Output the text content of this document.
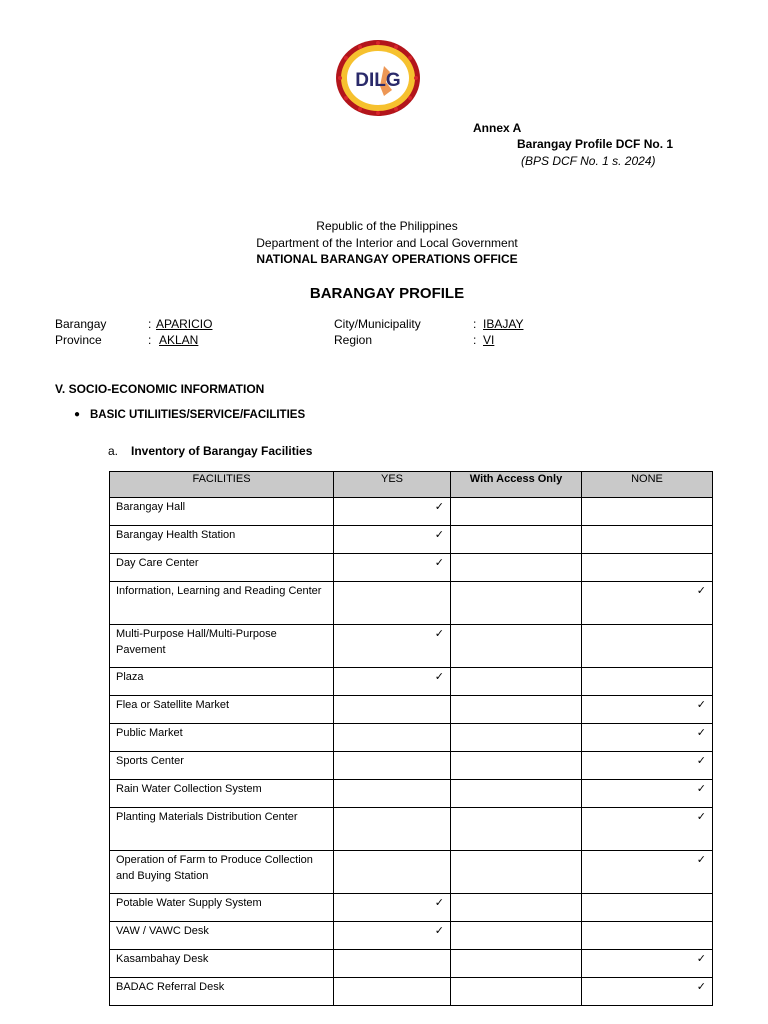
DILG
Annex A
Barangay Profile DCF No. 1
(BPS DCF No. 1 s. 2024)
Republic of the Philippines
Department of the Interior and Local Government
NATIONAL BARANGAY OPERATIONS OFFICE
BARANGAY PROFILE
Barangay	: APARICIO
Province	: AKLAN
City/Municipality	: IBAJAY
Region	: VI
V. SOCIO-ECONOMIC INFORMATION
● BASIC UTILIITIES/SERVICE/FACILITIES
a. Inventory of Barangay Facilities
FACILITIES	YES	With Access Only	NONE
Barangay Hall	✓		
Barangay Health Station	✓		
Day Care Center	✓		
Information, Learning and Reading Center			✓
Multi-Purpose Hall/Multi-Purpose Pavement	✓		
Plaza	✓		
Flea or Satellite Market			✓
Public Market			✓
Sports Center			✓
Rain Water Collection System			✓
Planting Materials Distribution Center			✓
Operation of Farm to Produce Collection and Buying Station			✓
Potable Water Supply System	✓		
VAW / VAWC Desk	✓		
Kasambahay Desk			✓
BADAC Referral Desk			✓
